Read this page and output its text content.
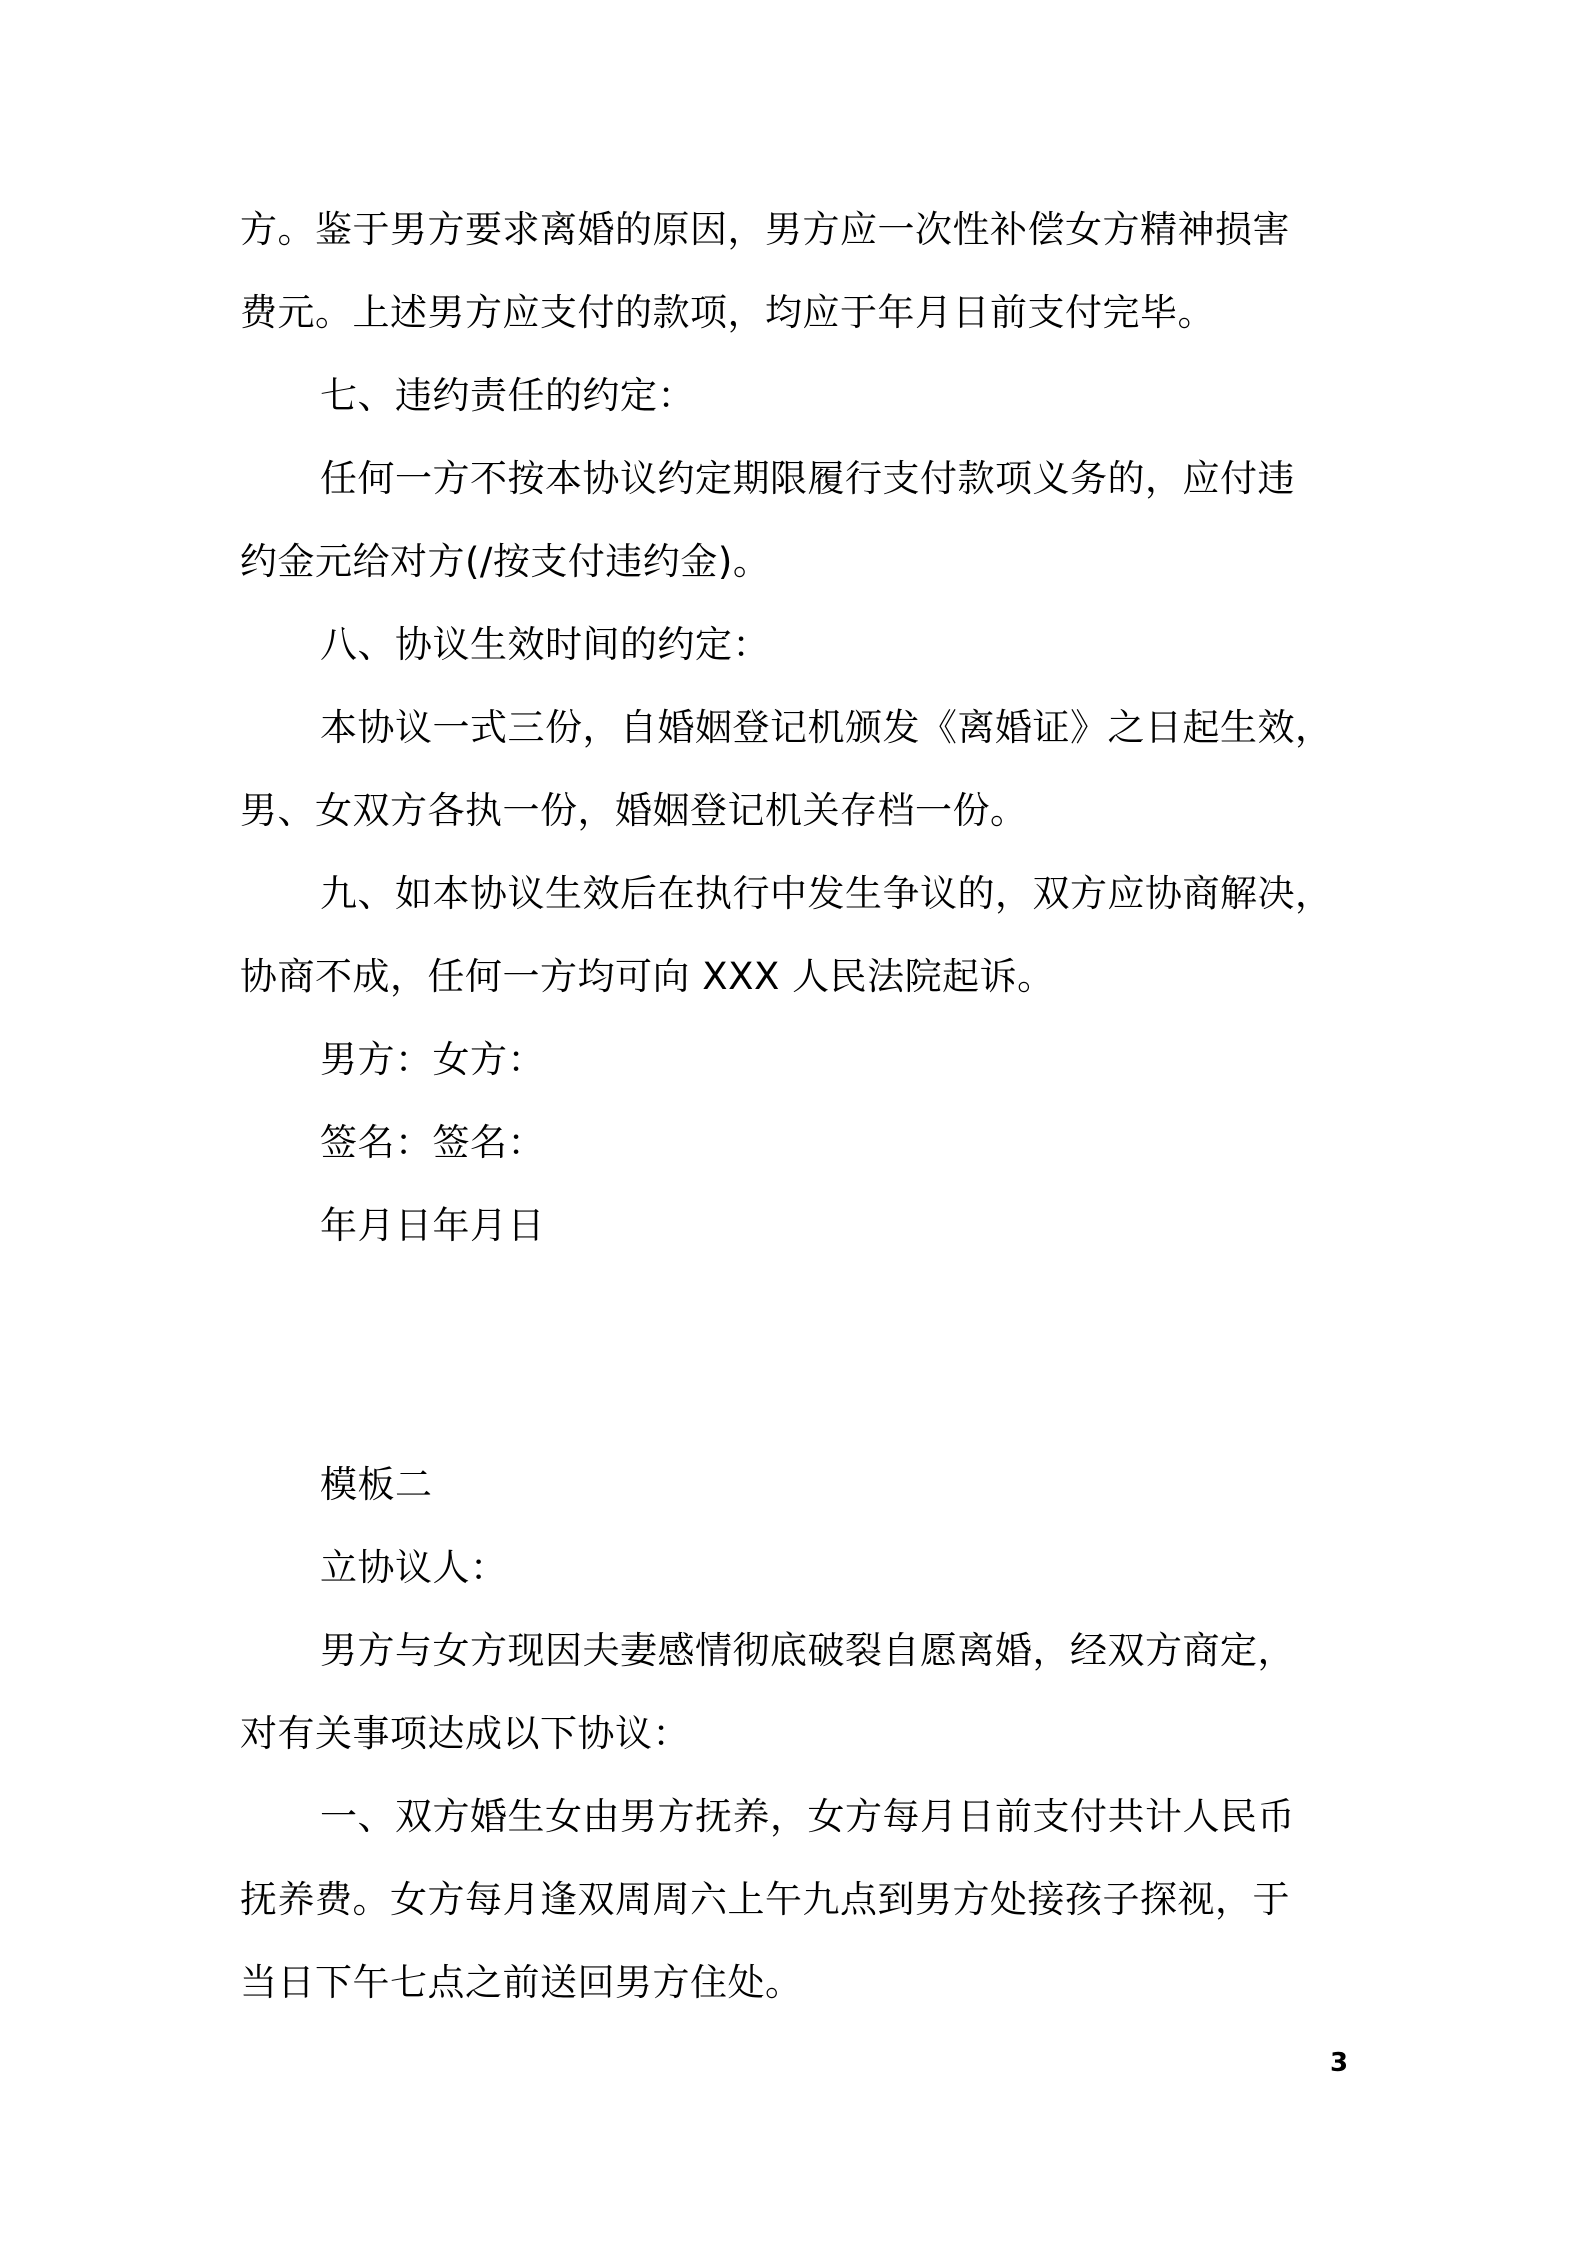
方。鉴于男方要求离婚的原因，男方应一次性补偿女方精神损害
费元。上述男方应支付的款项，均应于年月日前支付完毕。
七、违约责任的约定：
任何一方不按本协议约定期限履行支付款项义务的，应付违
约金元给对方(/按支付违约金)。
八、协议生效时间的约定：
本协议一式三份，自婚姻登记机颁发《离婚证》之日起生效，
男、女双方各执一份，婚姻登记机关存档一份。
九、如本协议生效后在执行中发生争议的，双方应协商解决，
协商不成，任何一方均可向 XXX 人民法院起诉。
男方：女方：
签名：签名：
年月日年月日
模板二
立协议人：
男方与女方现因夫妻感情彻底破裂自愿离婚，经双方商定，
对有关事项达成以下协议：
一、双方婚生女由男方抚养，女方每月日前支付共计人民币
抚养费。女方每月逢双周周六上午九点到男方处接孩子探视，于
当日下午七点之前送回男方住处。
3
